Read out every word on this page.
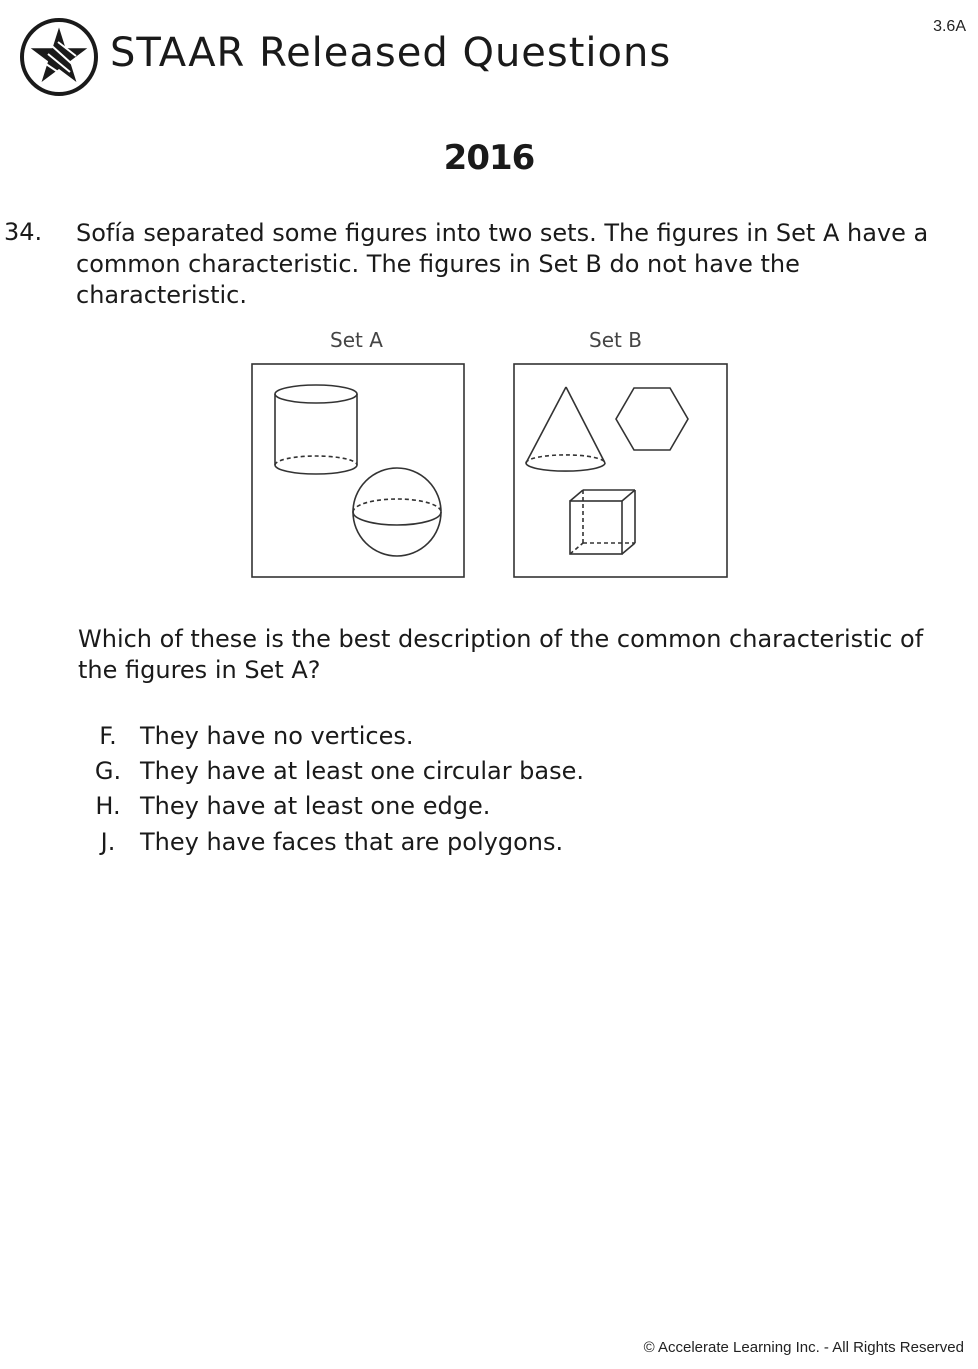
STAAR Released Questions
3.6A
2016
34. Sofía separated some figures into two sets. The figures in Set A have a common characteristic. The figures in Set B do not have the characteristic.
Set A	Set B
Which of these is the best description of the common characteristic of the figures in Set A?
F. They have no vertices.
G. They have at least one circular base.
H. They have at least one edge.
J.	They have faces that are polygons.
© Accelerate Learning Inc. - All Rights Reserved
